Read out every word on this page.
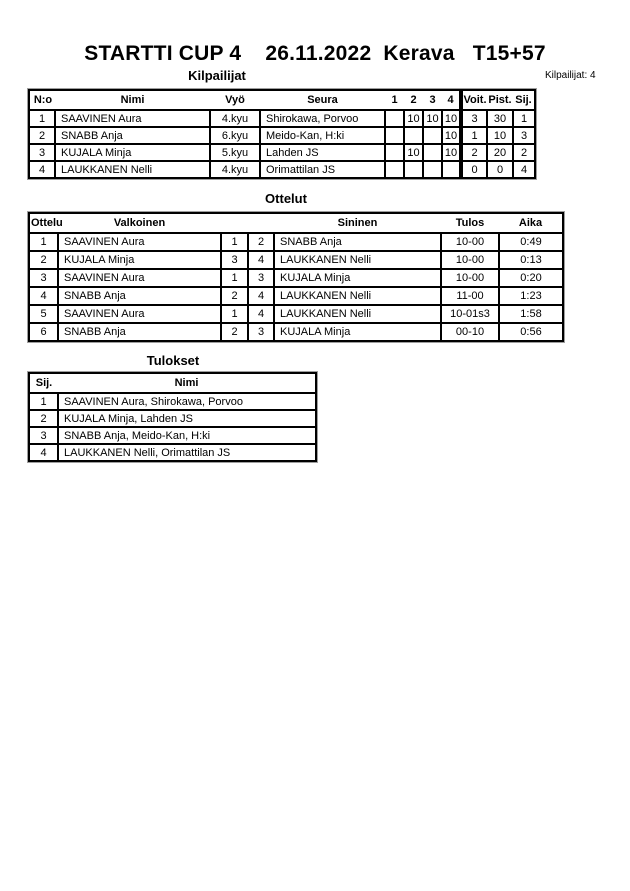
STARTTI CUP 4    26.11.2022  Kerava   T15+57
Kilpailijat	Kilpailijat: 4
N:o	Nimi	Vyö	Seura	1	2	3	4	Voit.	Pist.	Sij.
1	SAAVINEN Aura	4.kyu	Shirokawa, Porvoo		10	10	10	3	30	1
2	SNABB Anja	6.kyu	Meido-Kan, H:ki				10	1	10	3
3	KUJALA Minja	5.kyu	Lahden JS		10		10	2	20	2
4	LAUKKANEN Nelli	4.kyu	Orimattilan JS					0	0	4
Ottelut
Ottelu	Valkoinen			Sininen	Tulos	Aika
1	SAAVINEN Aura	1	2	SNABB Anja	10-00	0:49
2	KUJALA Minja	3	4	LAUKKANEN Nelli	10-00	0:13
3	SAAVINEN Aura	1	3	KUJALA Minja	10-00	0:20
4	SNABB Anja	2	4	LAUKKANEN Nelli	11-00	1:23
5	SAAVINEN Aura	1	4	LAUKKANEN Nelli	10-01s3	1:58
6	SNABB Anja	2	3	KUJALA Minja	00-10	0:56
Tulokset
Sij.	Nimi
1	SAAVINEN Aura, Shirokawa, Porvoo
2	KUJALA Minja, Lahden JS
3	SNABB Anja, Meido-Kan, H:ki
4	LAUKKANEN Nelli, Orimattilan JS
